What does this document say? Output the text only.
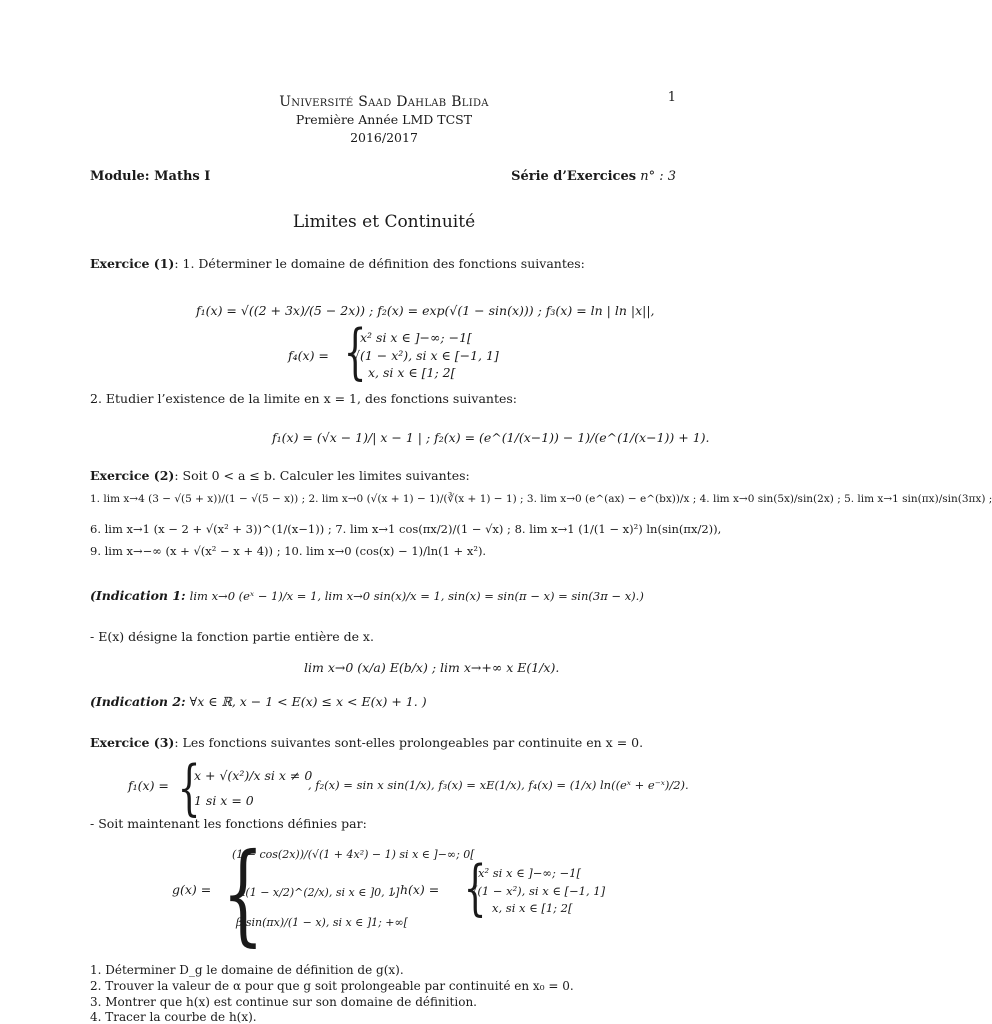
1
Université Saad Dahlab Blida
Première Année LMD TCST
2016/2017
Module: Maths I	Série d’Exercices n° : 3
Limites et Continuité
Exercice (1): 1. Déterminer le domaine de définition des fonctions suivantes:
f₁(x) = √((2 + 3x)/(5 − 2x)) ; f₂(x) = exp(√(1 − sin(x))) ; f₃(x) = ln | ln |x||,
f₄(x) = {
x² si x ∈ ]−∞; −1[
√(1 − x²), si x ∈ [−1, 1]
x, si x ∈ [1; 2[
2. Etudier l’existence de la limite en x = 1, des fonctions suivantes:
f₁(x) = (√x − 1)/| x − 1 | ; f₂(x) = (e^(1/(x−1)) − 1)/(e^(1/(x−1)) + 1).
Exercice (2): Soit 0 < a ≤ b. Calculer les limites suivantes:
1. lim x→4 (3 − √(5 + x))/(1 − √(5 − x)) ; 2. lim x→0 (√(x + 1) − 1)/(∛(x + 1) − 1) ; 3. lim x→0 (e^(ax) − e^(bx))/x ; 4. lim x→0 sin(5x)/sin(2x) ; 5. lim x→1 sin(πx)/sin(3πx) ;
6. lim x→1 (x − 2 + √(x² + 3))^(1/(x−1)) ; 7. lim x→1 cos(πx/2)/(1 − √x) ; 8. lim x→1 (1/(1 − x)²) ln(sin(πx/2)),
9. lim x→−∞ (x + √(x² − x + 4)) ; 10. lim x→0 (cos(x) − 1)/ln(1 + x²).
(Indication 1: lim x→0 (eˣ − 1)/x = 1, lim x→0 sin(x)/x = 1, sin(x) = sin(π − x) = sin(3π − x).)
- E(x) désigne la fonction partie entière de x.
lim x→0 (x/a) E(b/x) ; lim x→+∞ x E(1/x).
(Indication 2: ∀x ∈ ℝ, x − 1 < E(x) ≤ x < E(x) + 1. )
Exercice (3): Les fonctions suivantes sont-elles prolongeables par continuite en x = 0.
f₁(x) = {
x + √(x²)/x si x ≠ 0
1 si x = 0
, f₂(x) = sin x sin(1/x), f₃(x) = xE(1/x), f₄(x) = (1/x) ln((eˣ + e⁻ˣ)/2).
- Soit maintenant les fonctions définies par:
g(x) = {
(1 − cos(2x))/(√(1 + 4x²) − 1) si x ∈ ]−∞; 0[
α(1 − x/2)^(2/x), si x ∈ ]0, 1]
β sin(πx)/(1 − x), si x ∈ ]1; +∞[
, h(x) = {
x² si x ∈ ]−∞; −1[
√(1 − x²), si x ∈ [−1, 1]
x, si x ∈ [1; 2[
1. Déterminer D_g le domaine de définition de g(x).
2. Trouver la valeur de α pour que g soit prolongeable par continuité en x₀ = 0.
3. Montrer que h(x) est continue sur son domaine de définition.
4. Tracer la courbe de h(x).
